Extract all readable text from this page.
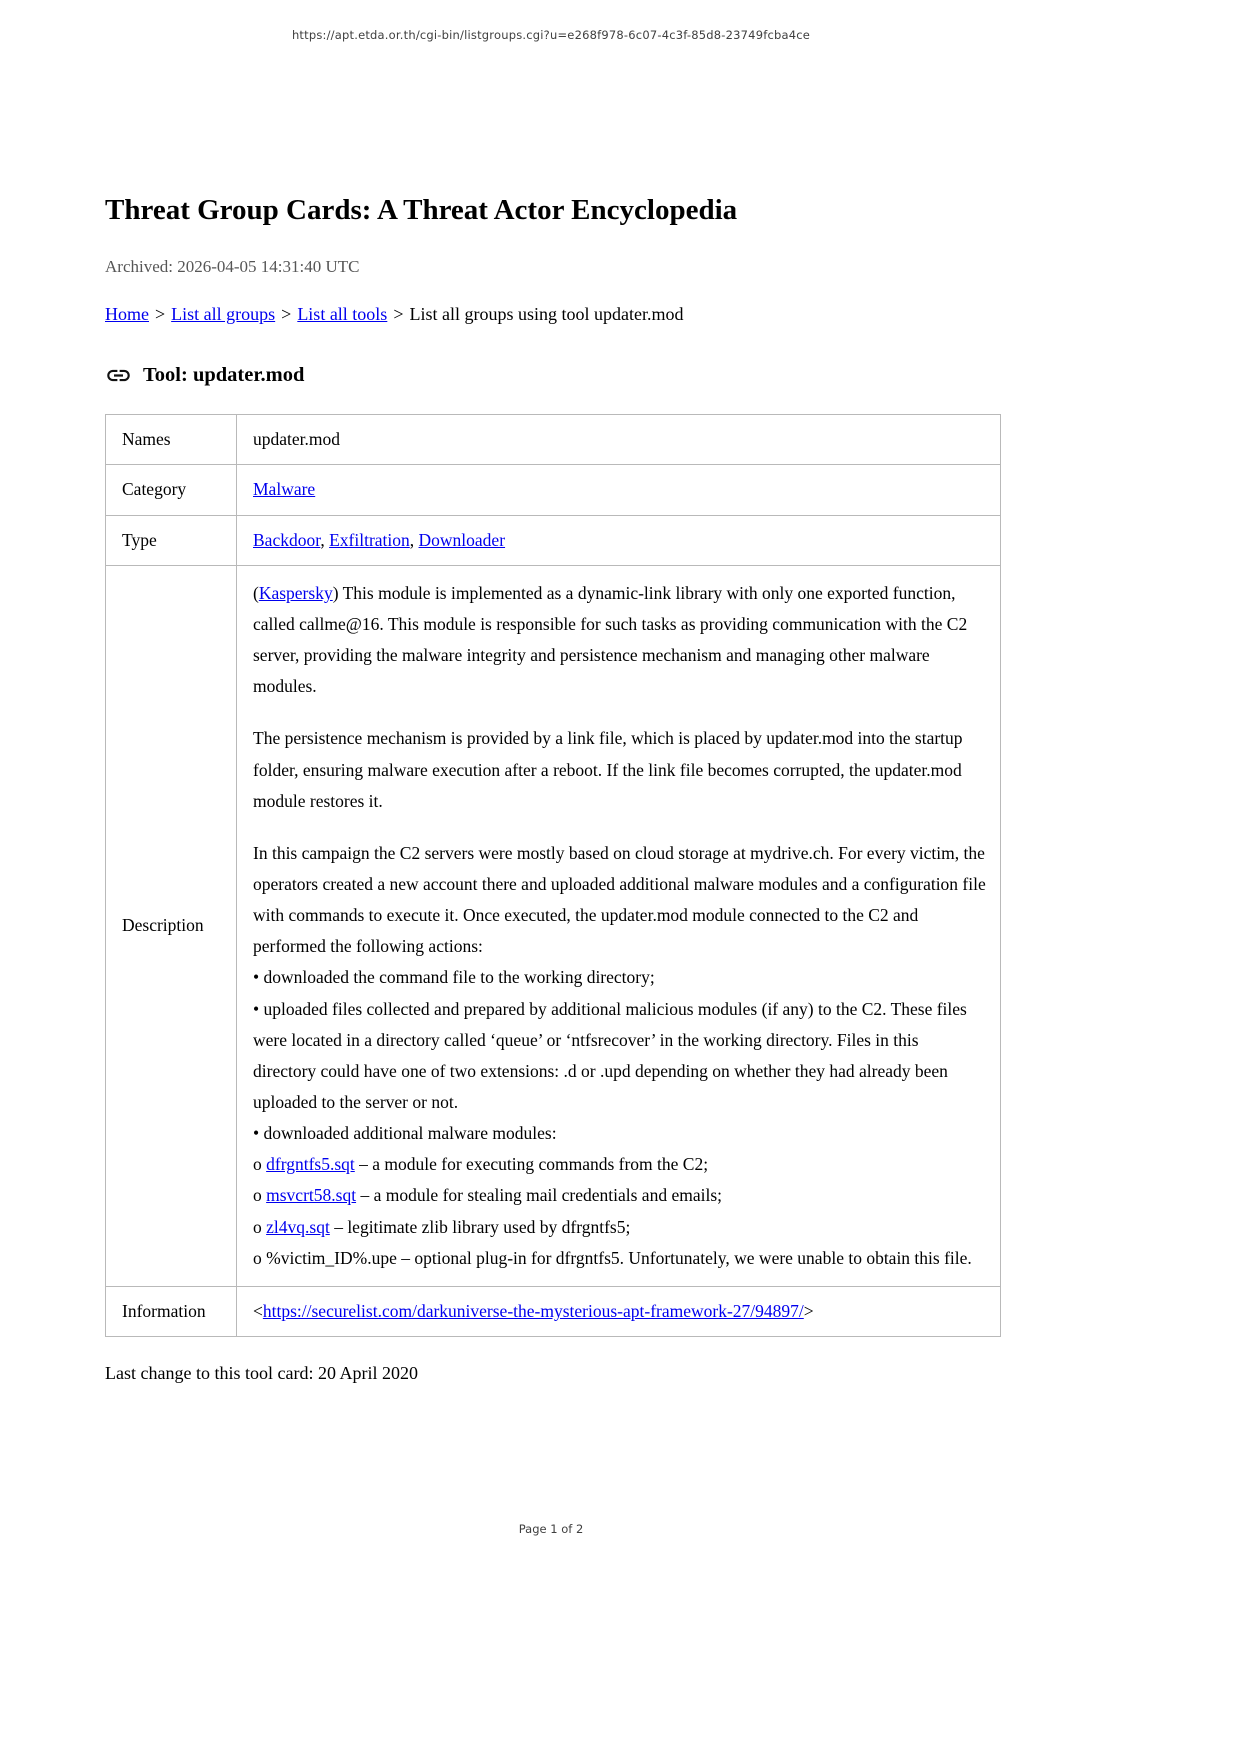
https://apt.etda.or.th/cgi-bin/listgroups.cgi?u=e268f978-6c07-4c3f-85d8-23749fcba4ce
Threat Group Cards: A Threat Actor Encyclopedia
Archived: 2026-04-05 14:31:40 UTC
Home > List all groups > List all tools > List all groups using tool updater.mod
Tool: updater.mod
Names	updater.mod
Category	Malware
Type	Backdoor, Exfiltration, Downloader
Description	
(Kaspersky) This module is implemented as a dynamic-link library with only one exported function, called callme@16. This module is responsible for such tasks as providing communication with the C2 server, providing the malware integrity and persistence mechanism and managing other malware modules.
The persistence mechanism is provided by a link file, which is placed by updater.mod into the startup folder, ensuring malware execution after a reboot. If the link file becomes corrupted, the updater.mod module restores it.
In this campaign the C2 servers were mostly based on cloud storage at mydrive.ch. For every victim, the operators created a new account there and uploaded additional malware modules and a configuration file with commands to execute it. Once executed, the updater.mod module connected to the C2 and performed the following actions:
• downloaded the command file to the working directory;
• uploaded files collected and prepared by additional malicious modules (if any) to the C2. These files were located in a directory called ‘queue’ or ‘ntfsrecover’ in the working directory. Files in this directory could have one of two extensions: .d or .upd depending on whether they had already been uploaded to the server or not.
• downloaded additional malware modules:
o dfrgntfs5.sqt – a module for executing commands from the C2;
o msvcrt58.sqt – a module for stealing mail credentials and emails;
o zl4vq.sqt – legitimate zlib library used by dfrgntfs5;
o %victim_ID%.upe – optional plug-in for dfrgntfs5. Unfortunately, we were unable to obtain this file.

Information	<https://securelist.com/darkuniverse-the-mysterious-apt-framework-27/94897/>
Last change to this tool card: 20 April 2020
Page 1 of 2
